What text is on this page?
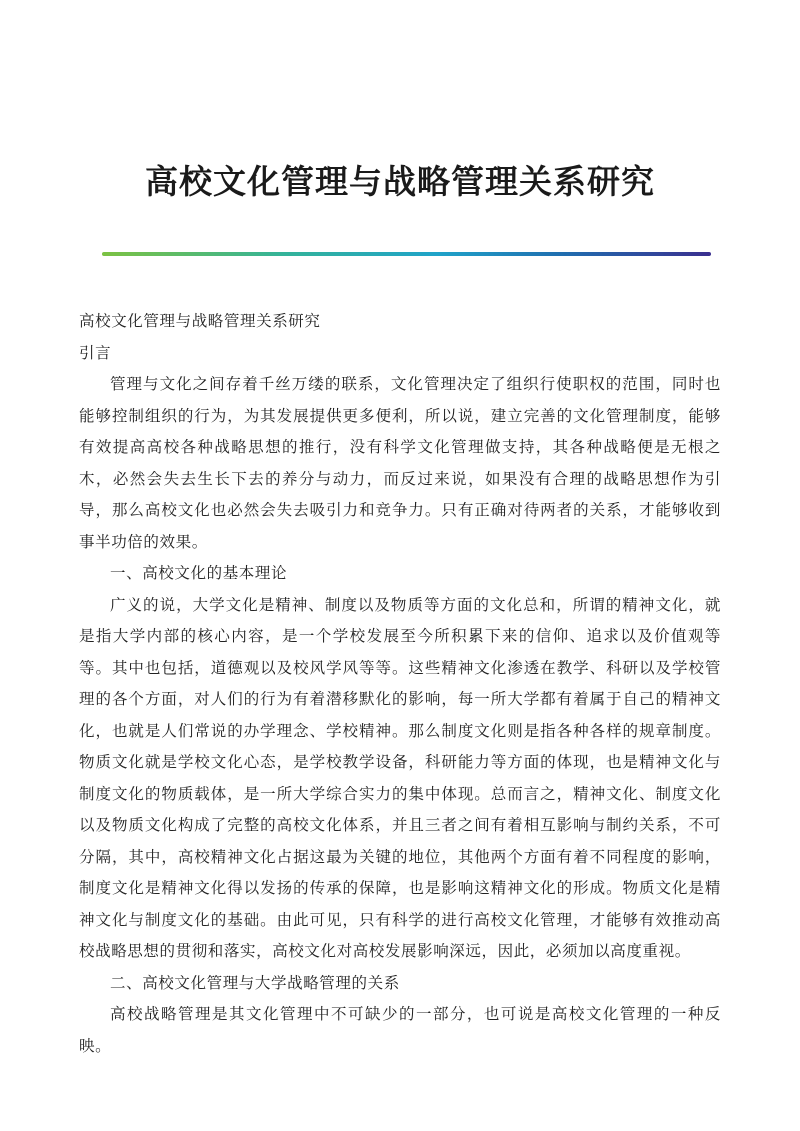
高校文化管理与战略管理关系研究

高校文化管理与战略管理关系研究

引言

管理与文化之间存着千丝万缕的联系，文化管理决定了组织行使职权的范围，同时也能够控制组织的行为，为其发展提供更多便利，所以说，建立完善的文化管理制度，能够有效提高高校各种战略思想的推行，没有科学文化管理做支持，其各种战略便是无根之木，必然会失去生长下去的养分与动力，而反过来说，如果没有合理的战略思想作为引导，那么高校文化也必然会失去吸引力和竞争力。只有正确对待两者的关系，才能够收到事半功倍的效果。

一、高校文化的基本理论

广义的说，大学文化是精神、制度以及物质等方面的文化总和，所谓的精神文化，就是指大学内部的核心内容，是一个学校发展至今所积累下来的信仰、追求以及价值观等等。其中也包括，道德观以及校风学风等等。这些精神文化渗透在教学、科研以及学校管理的各个方面，对人们的行为有着潜移默化的影响，每一所大学都有着属于自己的精神文化，也就是人们常说的办学理念、学校精神。那么制度文化则是指各种各样的规章制度。物质文化就是学校文化心态，是学校教学设备，科研能力等方面的体现，也是精神文化与制度文化的物质载体，是一所大学综合实力的集中体现。总而言之，精神文化、制度文化以及物质文化构成了完整的高校文化体系，并且三者之间有着相互影响与制约关系，不可分隔，其中，高校精神文化占据这最为关键的地位，其他两个方面有着不同程度的影响，制度文化是精神文化得以发扬的传承的保障，也是影响这精神文化的形成。物质文化是精神文化与制度文化的基础。由此可见，只有科学的进行高校文化管理，才能够有效推动高校战略思想的贯彻和落实，高校文化对高校发展影响深远，因此，必须加以高度重视。

二、高校文化管理与大学战略管理的关系

高校战略管理是其文化管理中不可缺少的一部分，也可说是高校文化管理的一种反映。
